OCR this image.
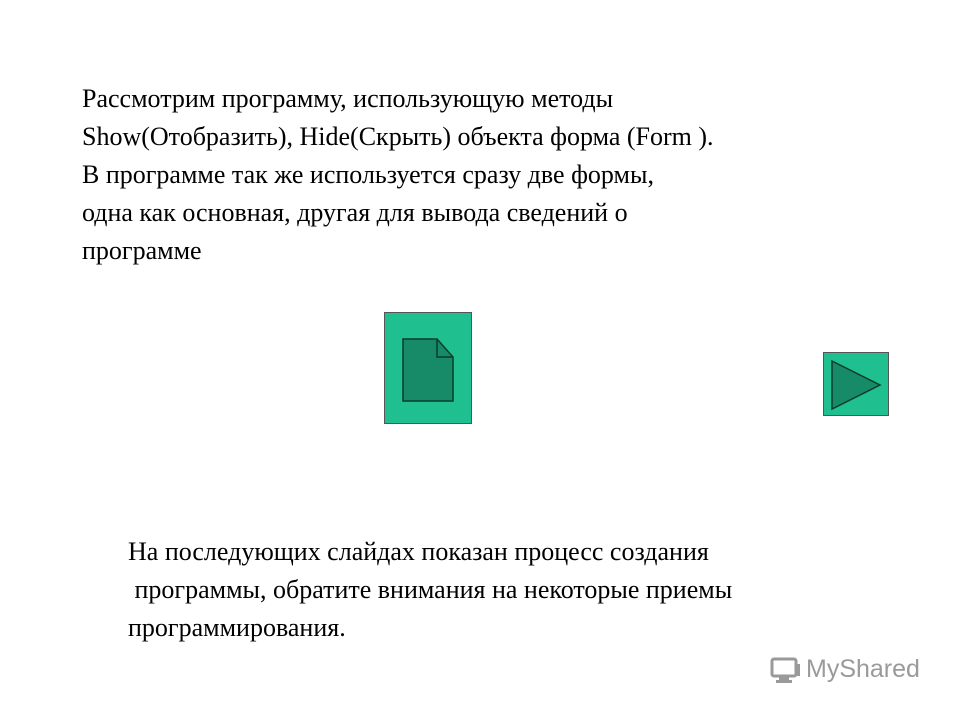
Рассмотрим программу, использующую методы
Show(Отобразить), Hide(Скрыть) объекта форма (Form ).
В программе так же используется сразу две формы,
одна как основная, другая для вывода сведений о
программе
На последующих слайдах показан процесс создания
программы, обратите внимания на некоторые приемы
программирования.
MyShared
